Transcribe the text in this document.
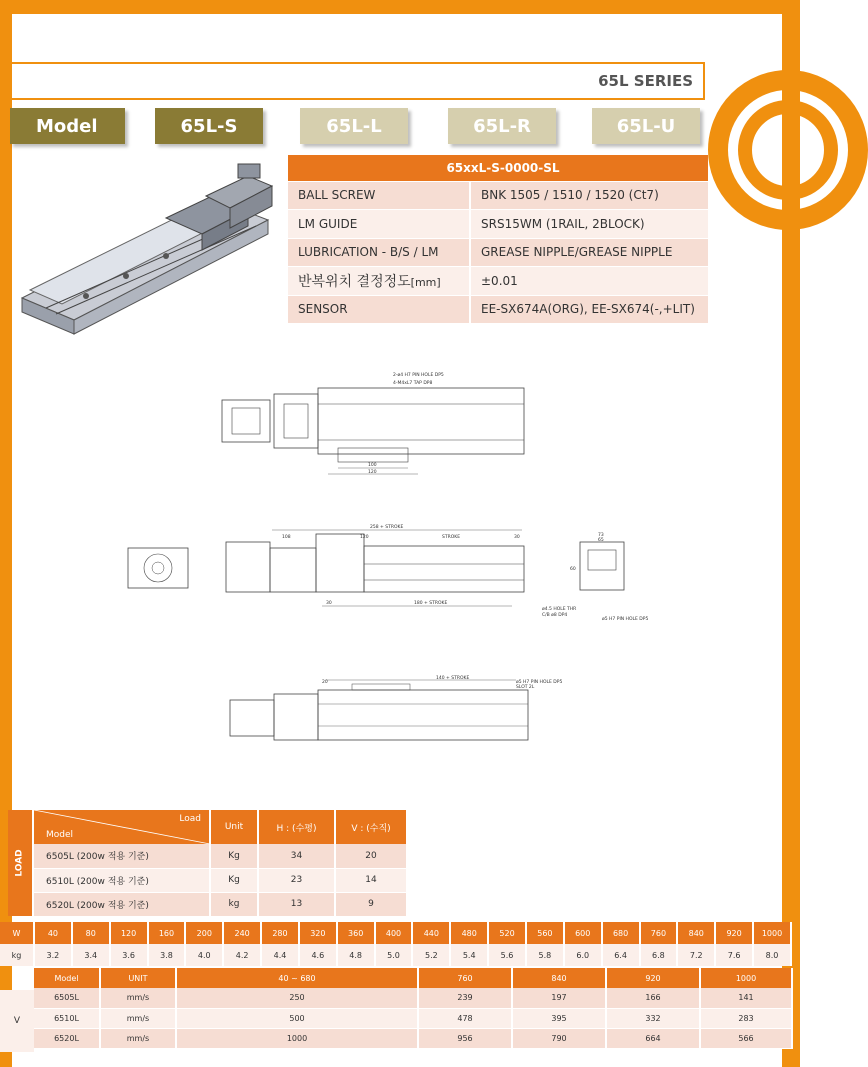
65L SERIES
Model	65L-S	65L-L	65L-R	65L-U
65xxL-S-0000-SL	
BALL SCREW	BNK 1505 / 1510 / 1520 (Ct7)
LM GUIDE	SRS15WM (1RAIL, 2BLOCK)
LUBRICATION - B/S / LM	GREASE NIPPLE/GREASE NIPPLE
반복위치 결정정도[mm]	±0.01
SENSOR	EE-SX674A(ORG), EE-SX674(-,+LIT)
2-ø4 H7 PIN HOLE DP5
4-M4xL7 TAP DP8
100
120
258 + STROKE
108	120	STROKE	30
180 + STROKE
30
ø4.5 HOLE THR
C/B ø8 DP4
ø5 H7 PIN HOLE DP5
73
65
60
140 + STROKE
ø5 H7 PIN HOLE DP5
SLOT 2L
20
LOAD
Load
Model	Unit	H : (수평)	V : (수직)
6505L (200w 적용 기준)	Kg	34	20
6510L (200w 적용 기준)	Kg	23	14
6520L (200w 적용 기준)	kg	13	9
W	40	80	120	160	200	240	280	320	360	400	440	480	520	560	600	680	760	840	920	1000
kg	3.2	3.4	3.6	3.8	4.0	4.2	4.4	4.6	4.8	5.0	5.2	5.4	5.6	5.8	6.0	6.4	6.8	7.2	7.6	8.0
V
Model	UNIT	40 ~ 680	760	840	920	1000
6505L	mm/s	250	239	197	166	141
6510L	mm/s	500	478	395	332	283
6520L	mm/s	1000	956	790	664	566
